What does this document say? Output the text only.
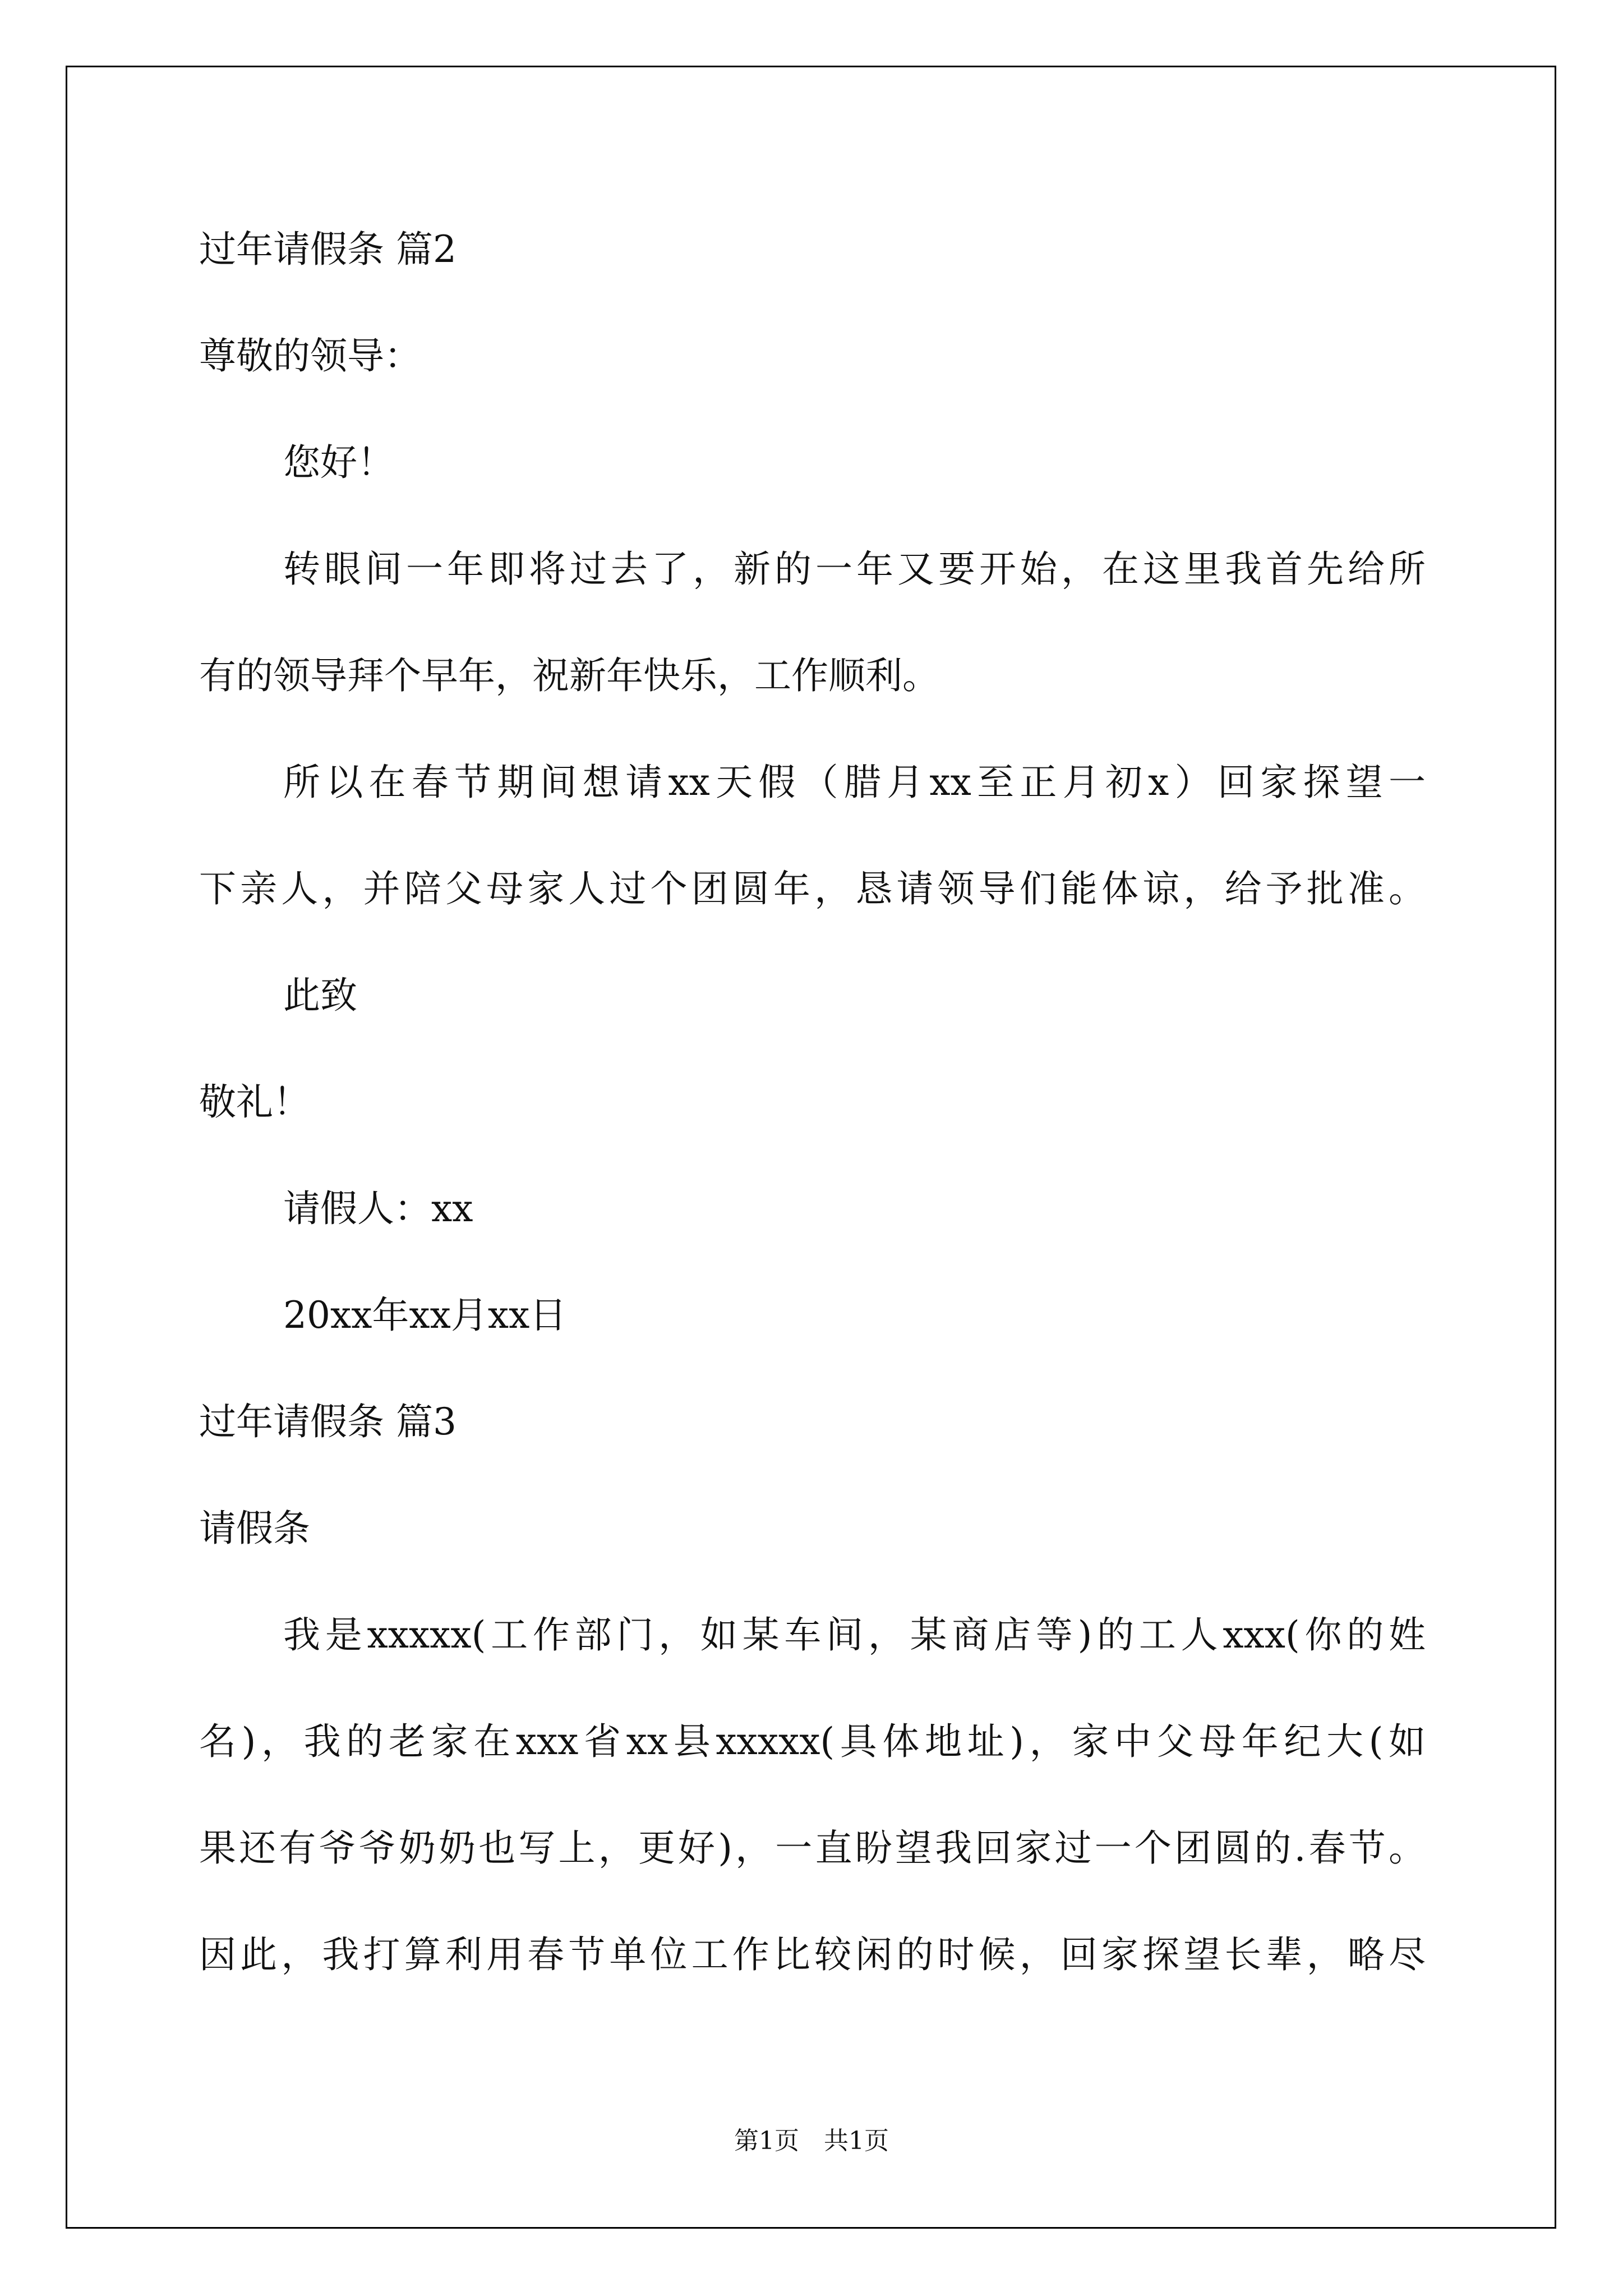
过年请假条 篇2
尊敬的领导：
您好！
转眼间一年即将过去了，新的一年又要开始，在这里我首先给所
有的领导拜个早年，祝新年快乐，工作顺利。
所以在春节期间想请xx天假（腊月xx至正月初x）回家探望一
下亲人，并陪父母家人过个团圆年，恳请领导们能体谅，给予批准。
此致
敬礼！
请假人：xx
20xx年xx月xx日
过年请假条 篇3
请假条
我是xxxxx(工作部门，如某车间，某商店等)的工人xxx(你的姓
名)，我的老家在xxx省xx县xxxxx(具体地址)，家中父母年纪大(如
果还有爷爷奶奶也写上，更好)，一直盼望我回家过一个团圆的.春节。
因此，我打算利用春节单位工作比较闲的时候，回家探望长辈，略尽
第1页　共1页
